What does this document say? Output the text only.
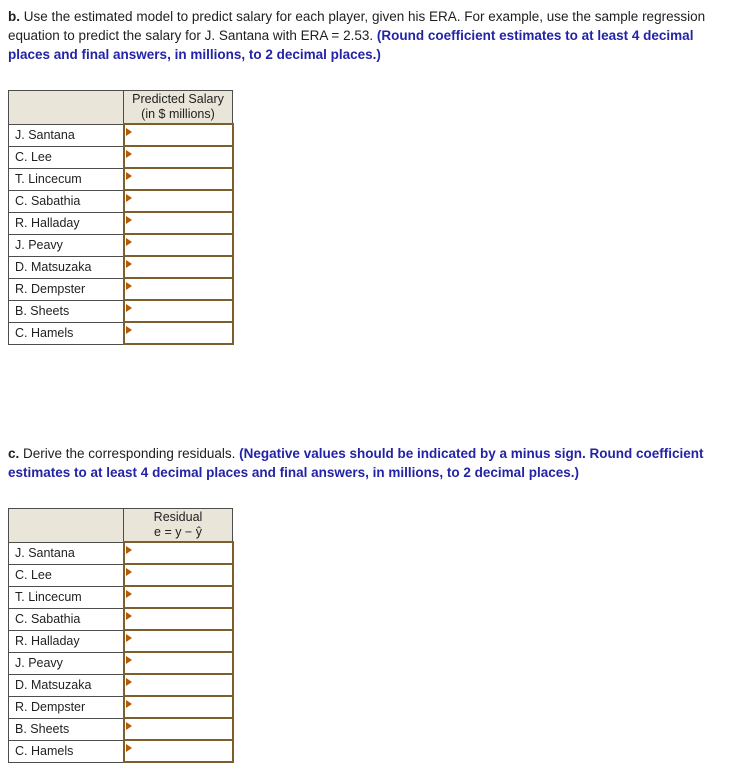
b. Use the estimated model to predict salary for each player, given his ERA. For example, use the sample regression equation to predict the salary for J. Santana with ERA = 2.53. (Round coefficient estimates to at least 4 decimal places and final answers, in millions, to 2 decimal places.)

	Predicted Salary
(in $ millions)

J. Santana	

C. Lee	

T. Lincecum	

C. Sabathia	

R. Halladay	

J. Peavy	

D. Matsuzaka	

R. Dempster	

B. Sheets	

C. Hamels	
c. Derive the corresponding residuals. (Negative values should be indicated by a minus sign. Round coefficient estimates to at least 4 decimal places and final answers, in millions, to 2 decimal places.)

	Residual
e = y − ŷ

J. Santana	

C. Lee	

T. Lincecum	

C. Sabathia	

R. Halladay	

J. Peavy	

D. Matsuzaka	

R. Dempster	

B. Sheets	

C. Hamels	
